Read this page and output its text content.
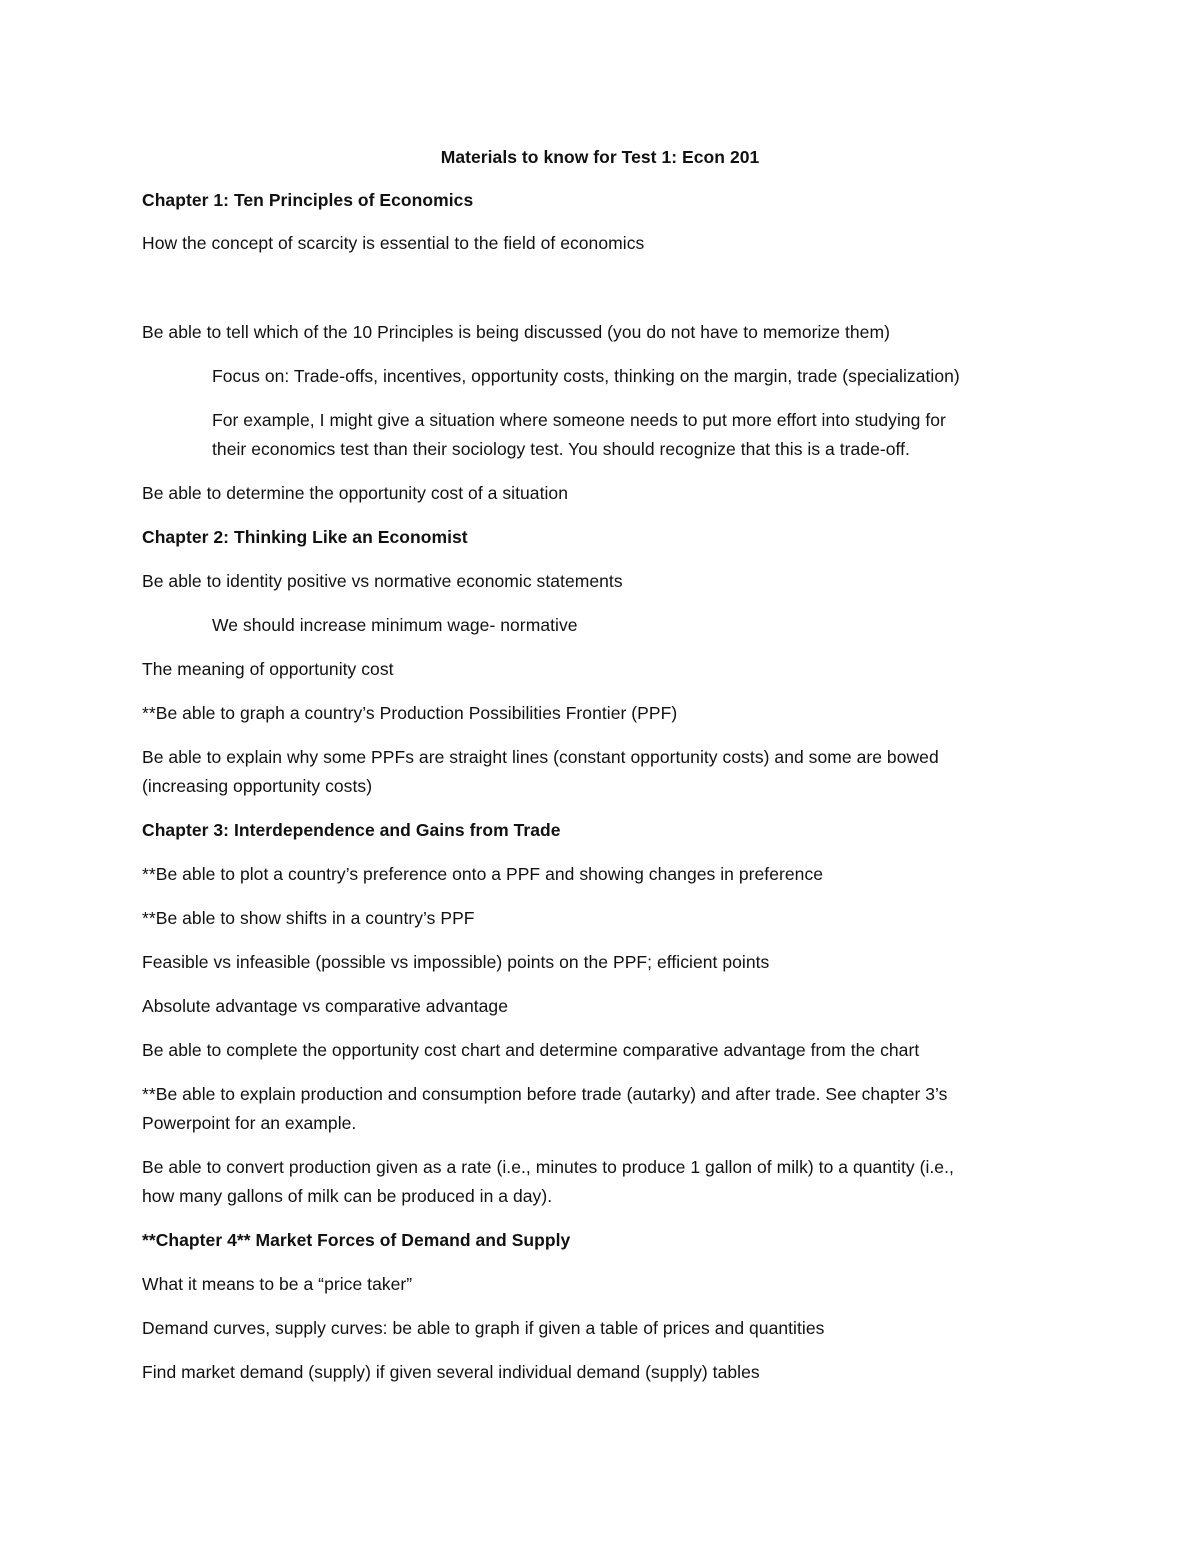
Materials to know for Test 1: Econ 201
Chapter 1: Ten Principles of Economics
How the concept of scarcity is essential to the field of economics
Be able to tell which of the 10 Principles is being discussed (you do not have to memorize them)
Focus on: Trade-offs, incentives, opportunity costs, thinking on the margin, trade (specialization)
For example, I might give a situation where someone needs to put more effort into studying for
their economics test than their sociology test. You should recognize that this is a trade-off.
Be able to determine the opportunity cost of a situation
Chapter 2: Thinking Like an Economist
Be able to identity positive vs normative economic statements
We should increase minimum wage- normative
The meaning of opportunity cost
**Be able to graph a country’s Production Possibilities Frontier (PPF)
Be able to explain why some PPFs are straight lines (constant opportunity costs) and some are bowed
(increasing opportunity costs)
Chapter 3: Interdependence and Gains from Trade
**Be able to plot a country’s preference onto a PPF and showing changes in preference
**Be able to show shifts in a country’s PPF
Feasible vs infeasible (possible vs impossible) points on the PPF; efficient points
Absolute advantage vs comparative advantage
Be able to complete the opportunity cost chart and determine comparative advantage from the chart
**Be able to explain production and consumption before trade (autarky) and after trade. See chapter 3’s
Powerpoint for an example.
Be able to convert production given as a rate (i.e., minutes to produce 1 gallon of milk) to a quantity (i.e.,
how many gallons of milk can be produced in a day).
**Chapter 4** Market Forces of Demand and Supply
What it means to be a “price taker”
Demand curves, supply curves: be able to graph if given a table of prices and quantities
Find market demand (supply) if given several individual demand (supply) tables
